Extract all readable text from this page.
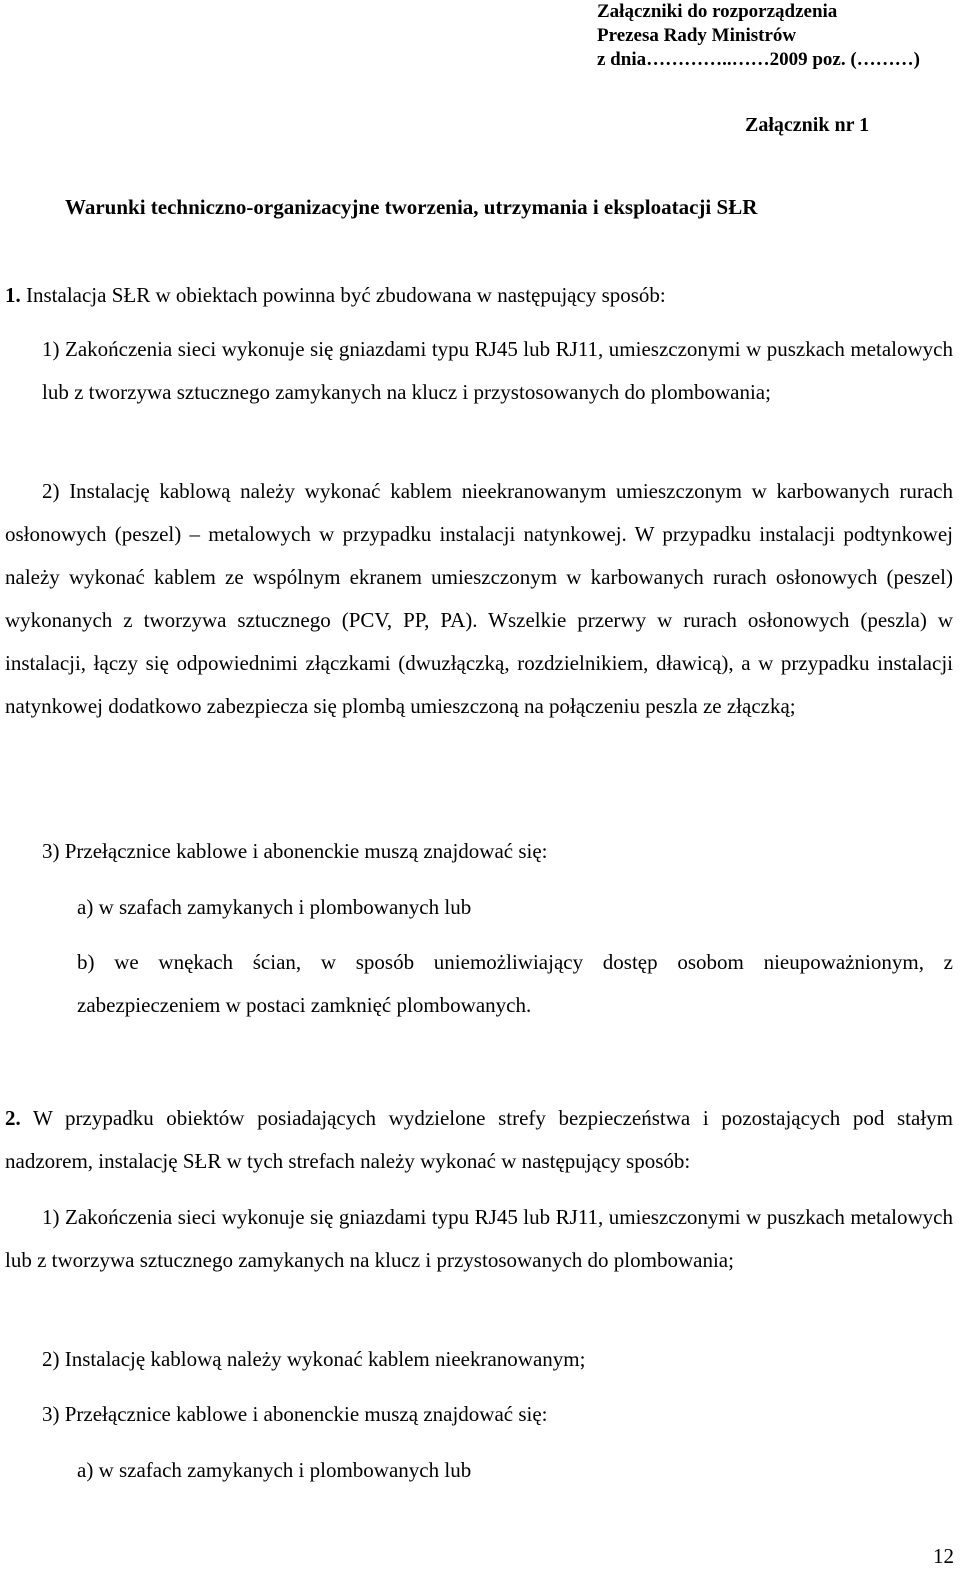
Załączniki do rozporządzenia
Prezesa Rady Ministrów
z dnia…………..……2009 poz. (………)
Załącznik nr 1
Warunki techniczno-organizacyjne tworzenia, utrzymania i eksploatacji SŁR
1. Instalacja SŁR w obiektach powinna być zbudowana w następujący sposób:
1) Zakończenia sieci wykonuje się gniazdami typu RJ45 lub RJ11, umieszczonymi w puszkach metalowych lub z tworzywa sztucznego zamykanych na klucz i przystosowanych do plombowania;
2) Instalację kablową należy wykonać kablem nieekranowanym umieszczonym w karbowanych rurach osłonowych (peszel) – metalowych w przypadku instalacji natynkowej. W przypadku instalacji podtynkowej należy wykonać kablem ze wspólnym ekranem umieszczonym w karbowanych rurach osłonowych (peszel) wykonanych z tworzywa sztucznego (PCV, PP, PA). Wszelkie przerwy w rurach osłonowych (peszla) w instalacji, łączy się odpowiednimi złączkami (dwuzłączką, rozdzielnikiem, dławicą), a w przypadku instalacji natynkowej dodatkowo zabezpiecza się plombą umieszczoną na połączeniu peszla ze złączką;
3) Przełącznice kablowe i abonenckie muszą znajdować się:
a) w szafach zamykanych i plombowanych lub
b) we wnękach ścian, w sposób uniemożliwiający dostęp osobom nieupoważnionym, z zabezpieczeniem w postaci zamknięć plombowanych.
2. W przypadku obiektów posiadających wydzielone strefy bezpieczeństwa i pozostających pod stałym nadzorem, instalację SŁR w tych strefach należy wykonać w następujący sposób:
1) Zakończenia sieci wykonuje się gniazdami typu RJ45 lub RJ11, umieszczonymi w puszkach metalowych lub z tworzywa sztucznego zamykanych na klucz i przystosowanych do plombowania;
2) Instalację kablową należy wykonać kablem nieekranowanym;
3) Przełącznice kablowe i abonenckie muszą znajdować się:
a) w szafach zamykanych i plombowanych lub
12
